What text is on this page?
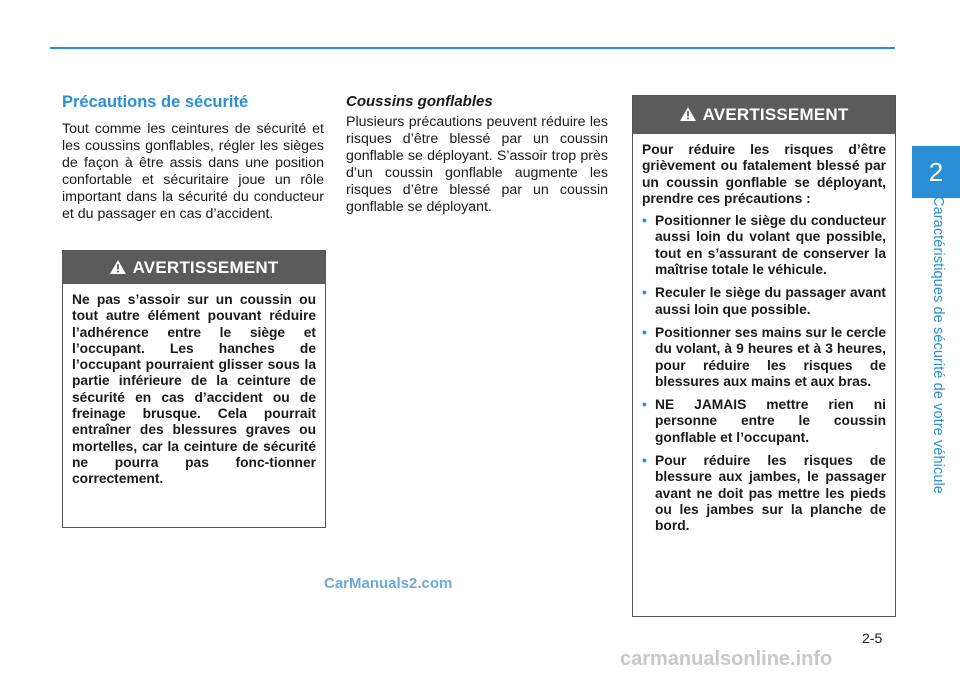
2
Caractéristiques de sécurité de votre véhicule
Précautions de sécurité

Tout comme les ceintures de sécurité et les coussins gonflables, régler les sièges de façon à être assis dans une position confortable et sécuritaire joue un rôle important dans la sécurité du conducteur et du passager en cas d’accident.

Coussins gonflables

Plusieurs précautions peuvent réduire les risques d’être blessé par un coussin gonflable se déployant. S’assoir trop près d’un coussin gonflable augmente les risques d’être blessé par un coussin gonflable se déployant.

AVERTISSEMENT

Ne pas s’assoir sur un coussin ou tout autre élément pouvant réduire l’adhérence entre le siège et l’occupant. Les hanches de l’occupant pourraient glisser sous la partie inférieure de la ceinture de sécurité en cas d’accident ou de freinage brusque. Cela pourrait entraîner des blessures graves ou mortelles, car la ceinture de sécurité ne pourra pas fonc-tionner correctement.

AVERTISSEMENT

Pour réduire les risques d’être grièvement ou fatalement blessé par un coussin gonflable se déployant, prendre ces précautions :

• Positionner le siège du conducteur aussi loin du volant que possible, tout en s’assurant de conserver la maîtrise totale le véhicule.
• Reculer le siège du passager avant aussi loin que possible.
• Positionner ses mains sur le cercle du volant, à 9 heures et à 3 heures, pour réduire les risques de blessures aux mains et aux bras.
• NE JAMAIS mettre rien ni personne entre le coussin gonflable et l’occupant.
• Pour réduire les risques de blessure aux jambes, le passager avant ne doit pas mettre les pieds ou les jambes sur la planche de bord.
CarManuals2.com
2-5
carmanualsonline.info
